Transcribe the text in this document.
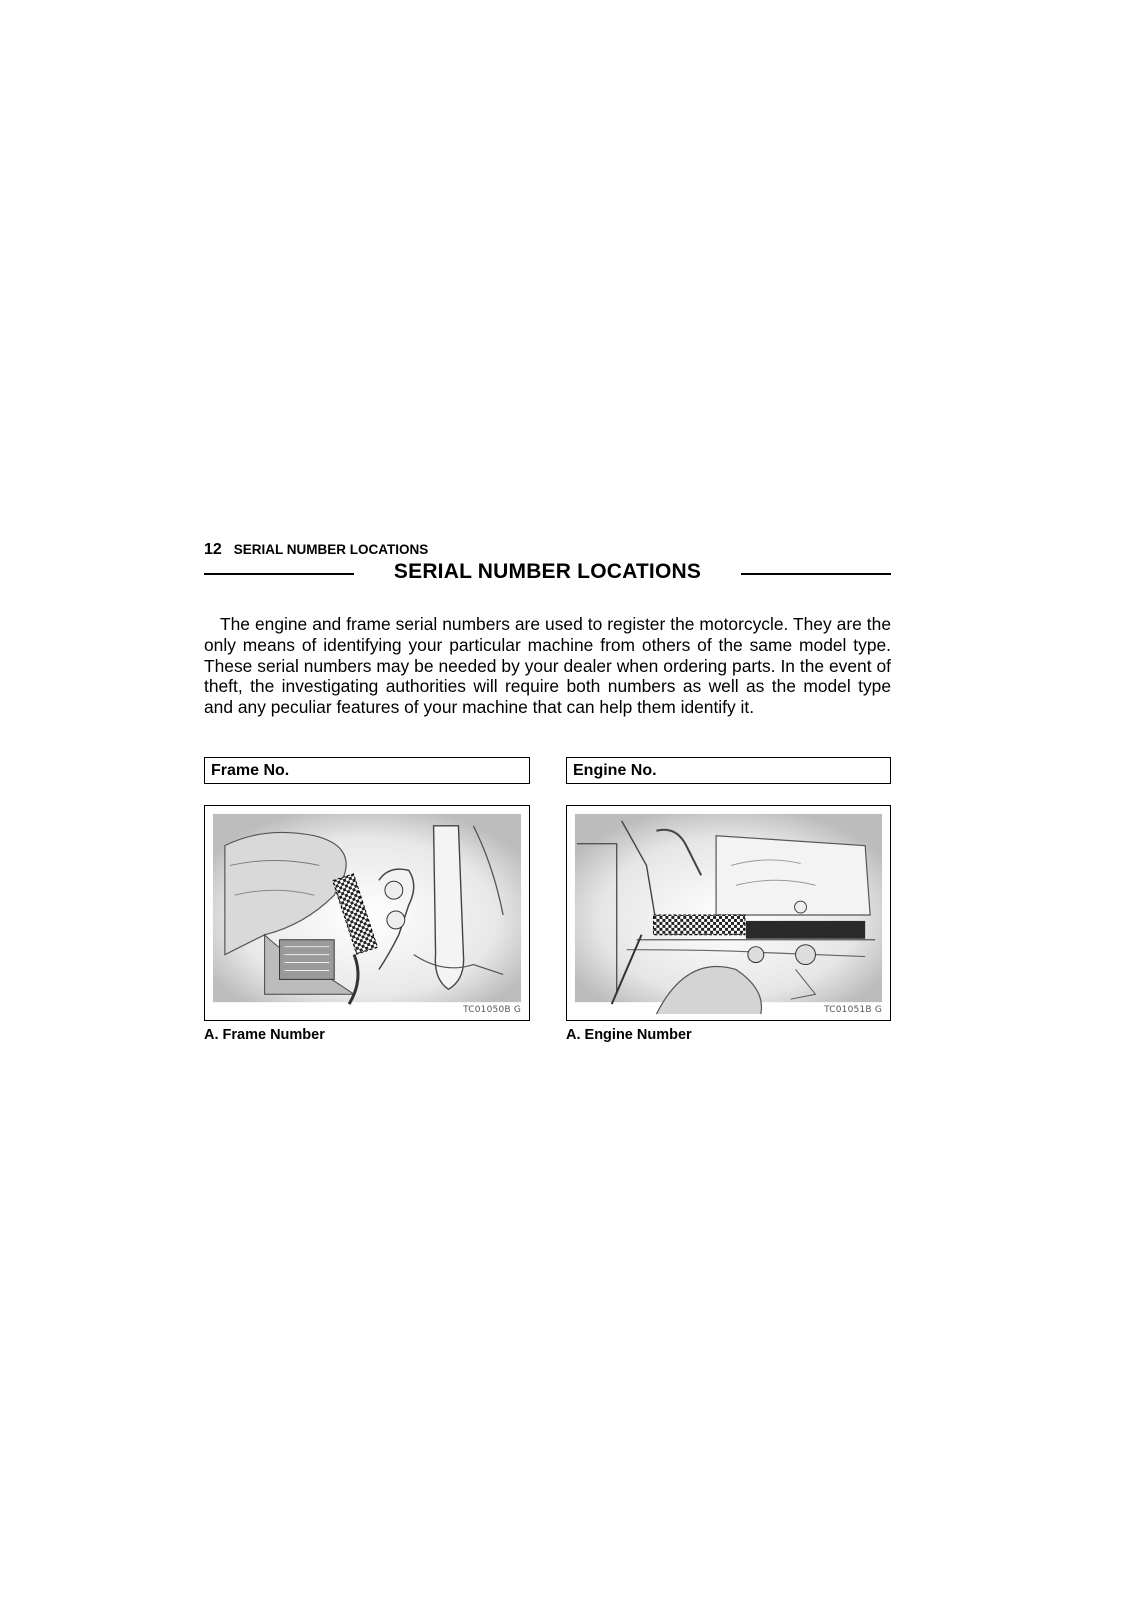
12 SERIAL NUMBER LOCATIONS
SERIAL NUMBER LOCATIONS

The engine and frame serial numbers are used to register the motorcycle. They are the only means of identifying your particular machine from others of the same model type. These serial numbers may be needed by your dealer when ordering parts. In the event of theft, the investigating authorities will require both numbers as well as the model type and any peculiar features of your machine that can help them identify it.

Frame No.	Engine No.
TC01050B G	TC01051B G
A. Frame Number	A. Engine Number
